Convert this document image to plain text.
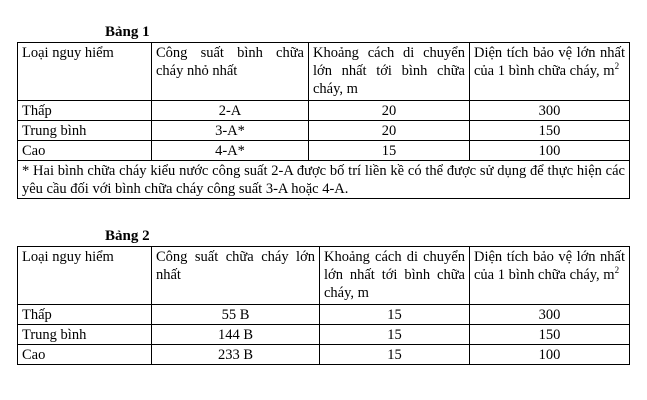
Bảng 1
Loại nguy hiểm	Công suất bình chữa cháy nhỏ nhất	Khoảng cách di chuyển lớn nhất tới bình chữa cháy, m	Diện tích bảo vệ lớn nhất của 1 bình chữa cháy, $m^2$
Thấp	2-A	20	300
Trung bình	3-A*	20	150
Cao	4-A*	15	100
* Hai bình chữa cháy kiểu nước công suất 2-A được bố trí liền kề có thể được sử dụng để thực hiện các yêu cầu đối với bình chữa cháy công suất 3-A hoặc 4-A.			
Bảng 2
Loại nguy hiểm	Công suất chữa cháy lớn nhất	Khoảng cách di chuyển lớn nhất tới bình chữa cháy, m	Diện tích bảo vệ lớn nhất của 1 bình chữa cháy, $m^2$
Thấp	55 B	15	300
Trung bình	144 B	15	150
Cao	233 B	15	100
